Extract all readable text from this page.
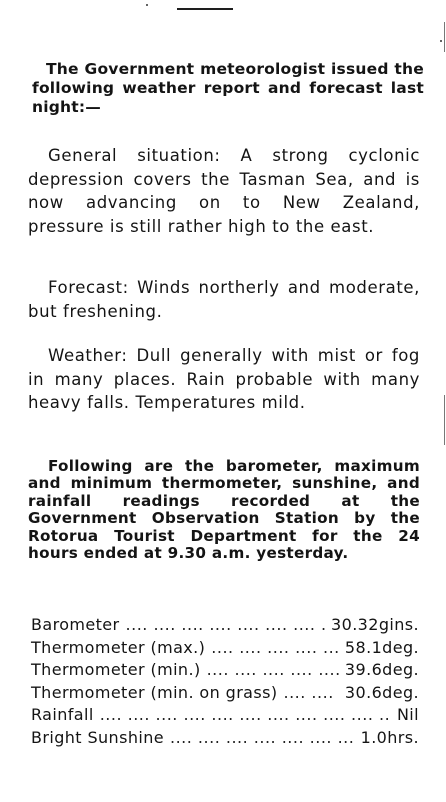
The Government meteorologist issued the following weather report and forecast last night:—

General situation: A strong cyclonic depression covers the Tasman Sea, and is now advancing on to New Zealand, pressure is still rather high to the east.

Forecast: Winds northerly and moderate, but freshening.

Weather: Dull generally with mist or fog in many places. Rain probable with many heavy falls. Temperatures mild.

Following are the barometer, maximum and minimum thermometer, sunshine, and rainfall readings recorded at the Government Observation Station by the Rotorua Tourist Department for the 24 hours ended at 9.30 a.m. yesterday.

Barometer ....	30.32gins.
Thermometer (max.) ....	58.1deg.
Thermometer (min.) ....	39.6deg.
Thermometer (min. on grass) ....	30.6deg.
Rainfall ....	Nil
Bright Sunshine ....	1.0hrs.
